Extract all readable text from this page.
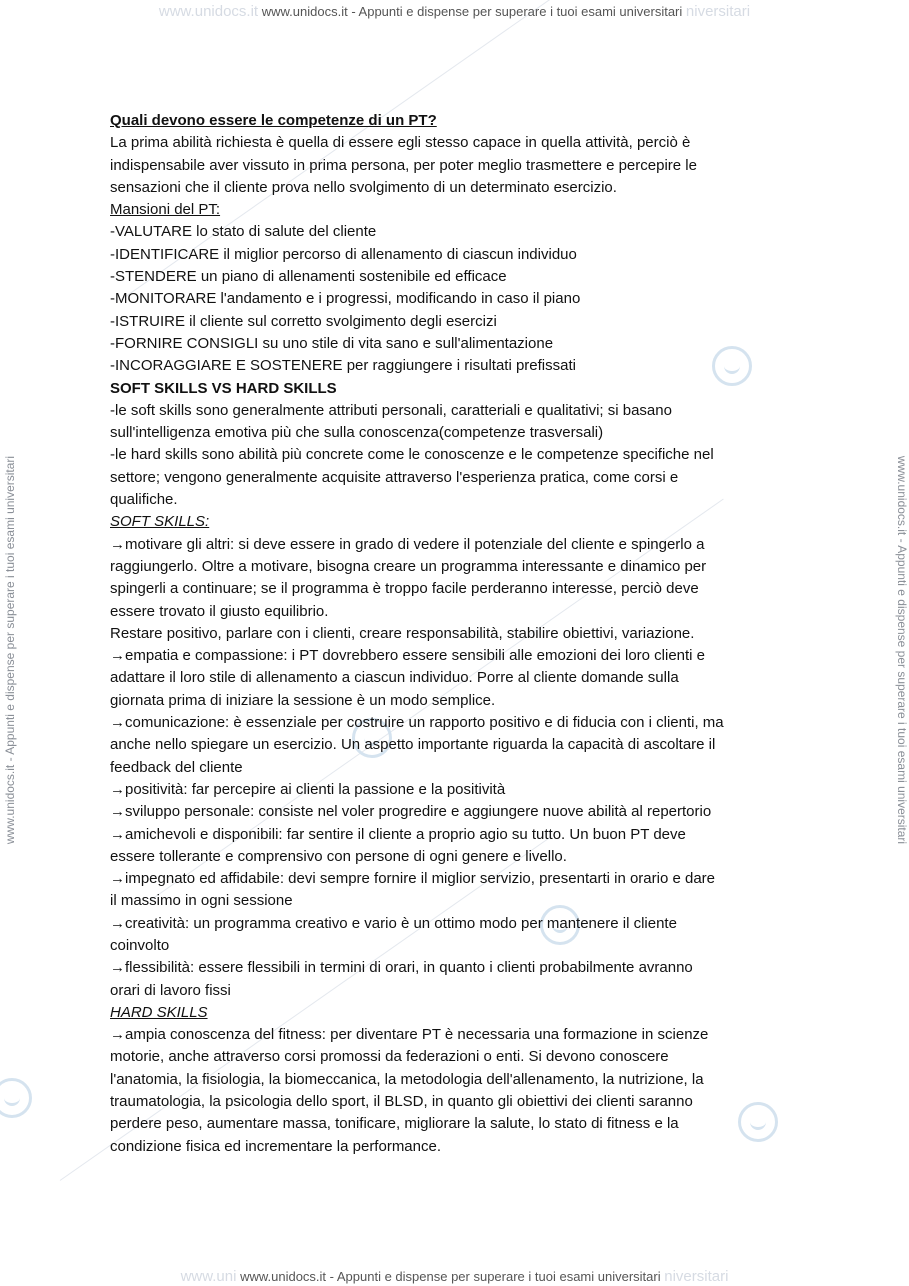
www.unidocs.it www.unidocs.it - Appunti e dispense per superare i tuoi esami universitari niversitari
www.unidocs.it - Appunti e dispense per superare i tuoi esami universitari	www.unidocs.it - Appunti e dispense per superare i tuoi esami universitari

Quali devono essere le competenze di un PT?

La prima abilità richiesta è quella di essere egli stesso capace in quella attività, perciò è

indispensabile aver vissuto in prima persona, per poter meglio trasmettere e percepire le

sensazioni che il cliente prova nello svolgimento di un determinato esercizio.

Mansioni del PT:

-VALUTARE lo stato di salute del cliente

-IDENTIFICARE il miglior percorso di allenamento di ciascun individuo

-STENDERE un piano di allenamenti sostenibile ed efficace

-MONITORARE l'andamento e i progressi, modificando in caso il piano

-ISTRUIRE il cliente sul corretto svolgimento degli esercizi

-FORNIRE CONSIGLI su uno stile di vita sano e sull'alimentazione

-INCORAGGIARE E SOSTENERE per raggiungere i risultati prefissati

SOFT SKILLS VS HARD SKILLS

-le soft skills sono generalmente attributi personali, caratteriali e qualitativi; si basano

sull'intelligenza emotiva più che sulla conoscenza(competenze trasversali)

-le hard skills sono abilità più concrete come le conoscenze e le competenze specifiche nel

settore; vengono generalmente acquisite attraverso l'esperienza pratica, come corsi e

qualifiche.

SOFT SKILLS:

→motivare gli altri: si deve essere in grado di vedere il potenziale del cliente e spingerlo a

raggiungerlo. Oltre a motivare, bisogna creare un programma interessante e dinamico per

spingerli a continuare; se il programma è troppo facile perderanno interesse, perciò deve

essere trovato il giusto equilibrio.

Restare positivo, parlare con i clienti, creare responsabilità, stabilire obiettivi, variazione.

→empatia e compassione: i PT dovrebbero essere sensibili alle emozioni dei loro clienti e

adattare il loro stile di allenamento a ciascun individuo. Porre al cliente domande sulla

giornata prima di iniziare la sessione è un modo semplice.

→comunicazione: è essenziale per costruire un rapporto positivo e di fiducia con i clienti, ma

anche nello spiegare un esercizio. Un aspetto importante riguarda la capacità di ascoltare il

feedback del cliente

→positività: far percepire ai clienti la passione e la positività

→sviluppo personale: consiste nel voler progredire e aggiungere nuove abilità al repertorio

→amichevoli e disponibili: far sentire il cliente a proprio agio su tutto. Un buon PT deve

essere tollerante e comprensivo con persone di ogni genere e livello.

→impegnato ed affidabile: devi sempre fornire il miglior servizio, presentarti in orario e dare

il massimo in ogni sessione

→creatività: un programma creativo e vario è un ottimo modo per mantenere il cliente

coinvolto

→flessibilità: essere flessibili in termini di orari, in quanto i clienti probabilmente avranno

orari di lavoro fissi

HARD SKILLS

→ampia conoscenza del fitness: per diventare PT è necessaria una formazione in scienze

motorie, anche attraverso corsi promossi da federazioni o enti. Si devono conoscere

l'anatomia, la fisiologia, la biomeccanica, la metodologia dell'allenamento, la nutrizione, la

traumatologia, la psicologia dello sport, il BLSD, in quanto gli obiettivi dei clienti saranno

perdere peso, aumentare massa, tonificare, migliorare la salute, lo stato di fitness e la

condizione fisica ed incrementare la performance.

www.uni www.unidocs.it - Appunti e dispense per superare i tuoi esami universitari niversitari
